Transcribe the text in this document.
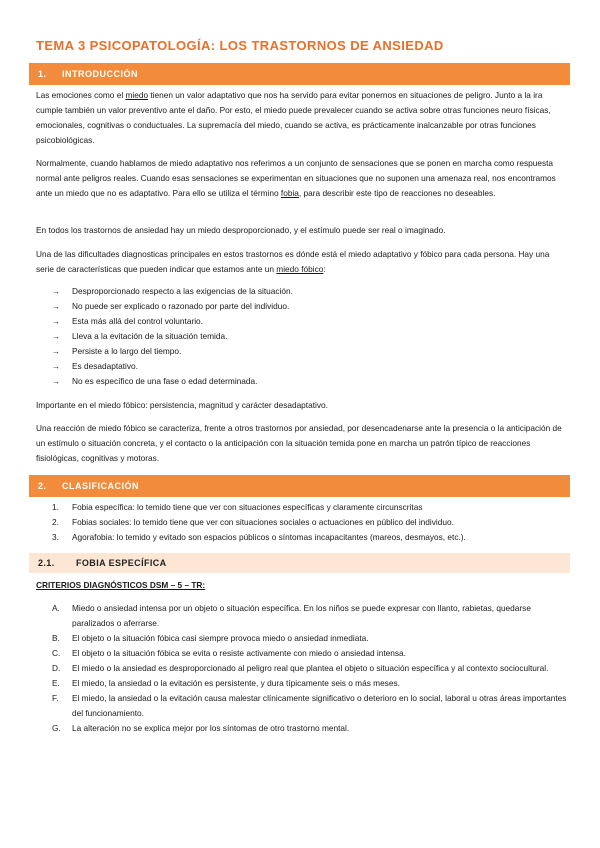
TEMA 3 PSICOPATOLOGÍA: LOS TRASTORNOS DE ANSIEDAD
1.	INTRODUCCIÓN

Las emociones como el miedo tienen un valor adaptativo que nos ha servido para evitar ponernos en situaciones de peligro. Junto a la ira cumple también un valor preventivo ante el daño. Por esto, el miedo puede prevalecer cuando se activa sobre otras funciones neuro físicas, emocionales, cognitivas o conductuales. La supremacía del miedo, cuando se activa, es prácticamente inalcanzable por otras funciones psicobiológicas.

Normalmente, cuando hablamos de miedo adaptativo nos referimos a un conjunto de sensaciones que se ponen en marcha como respuesta normal ante peligros reales. Cuando esas sensaciones se experimentan en situaciones que no suponen una amenaza real, nos encontramos ante un miedo que no es adaptativo. Para ello se utiliza el término fobia, para describir este tipo de reacciones no deseables.

En todos los trastornos de ansiedad hay un miedo desproporcionado, y el estímulo puede ser real o imaginado.

Una de las dificultades diagnosticas principales en estos trastornos es dónde está el miedo adaptativo y fóbico para cada persona. Hay una serie de características que pueden indicar que estamos ante un miedo fóbico:

→ Desproporcionado respecto a las exigencias de la situación.
→ No puede ser explicado o razonado por parte del individuo.
→ Esta más allá del control voluntario.
→ Lleva a la evitación de la situación temida.
→ Persiste a lo largo del tiempo.
→ Es desadaptativo.
→ No es específico de una fase o edad determinada.

Importante en el miedo fóbico: persistencia, magnitud y carácter desadaptativo.

Una reacción de miedo fóbico se caracteriza, frente a otros trastornos por ansiedad, por desencadenarse ante la presencia o la anticipación de un estímulo o situación concreta, y el contacto o la anticipación con la situación temida pone en marcha un patrón típico de reacciones fisiológicas, cognitivas y motoras.

2.	CLASIFICACIÓN
1. Fobia específica: lo temido tiene que ver con situaciones específicas y claramente circunscritas
2. Fobias sociales: lo temido tiene que ver con situaciones sociales o actuaciones en público del individuo.
3. Agorafobia: lo temido y evitado son espacios públicos o síntomas incapacitantes (mareos, desmayos, etc.).
2.1.	FOBIA ESPECÍFICA
CRITERIOS DIAGNÓSTICOS DSM – 5 – TR:
A. Miedo o ansiedad intensa por un objeto o situación específica. En los niños se puede expresar con llanto, rabietas, quedarse paralizados o aferrarse.
B. El objeto o la situación fóbica casi siempre provoca miedo o ansiedad inmediata.
C. El objeto o la situación fóbica se evita o resiste activamente con miedo o ansiedad intensa.
D. El miedo o la ansiedad es desproporcionado al peligro real que plantea el objeto o situación específica y al contexto sociocultural.
E. El miedo, la ansiedad o la evitación es persistente, y dura típicamente seis o más meses.
F. El miedo, la ansiedad o la evitación causa malestar clínicamente significativo o deterioro en lo social, laboral u otras áreas importantes del funcionamiento.
G. La alteración no se explica mejor por los síntomas de otro trastorno mental.
